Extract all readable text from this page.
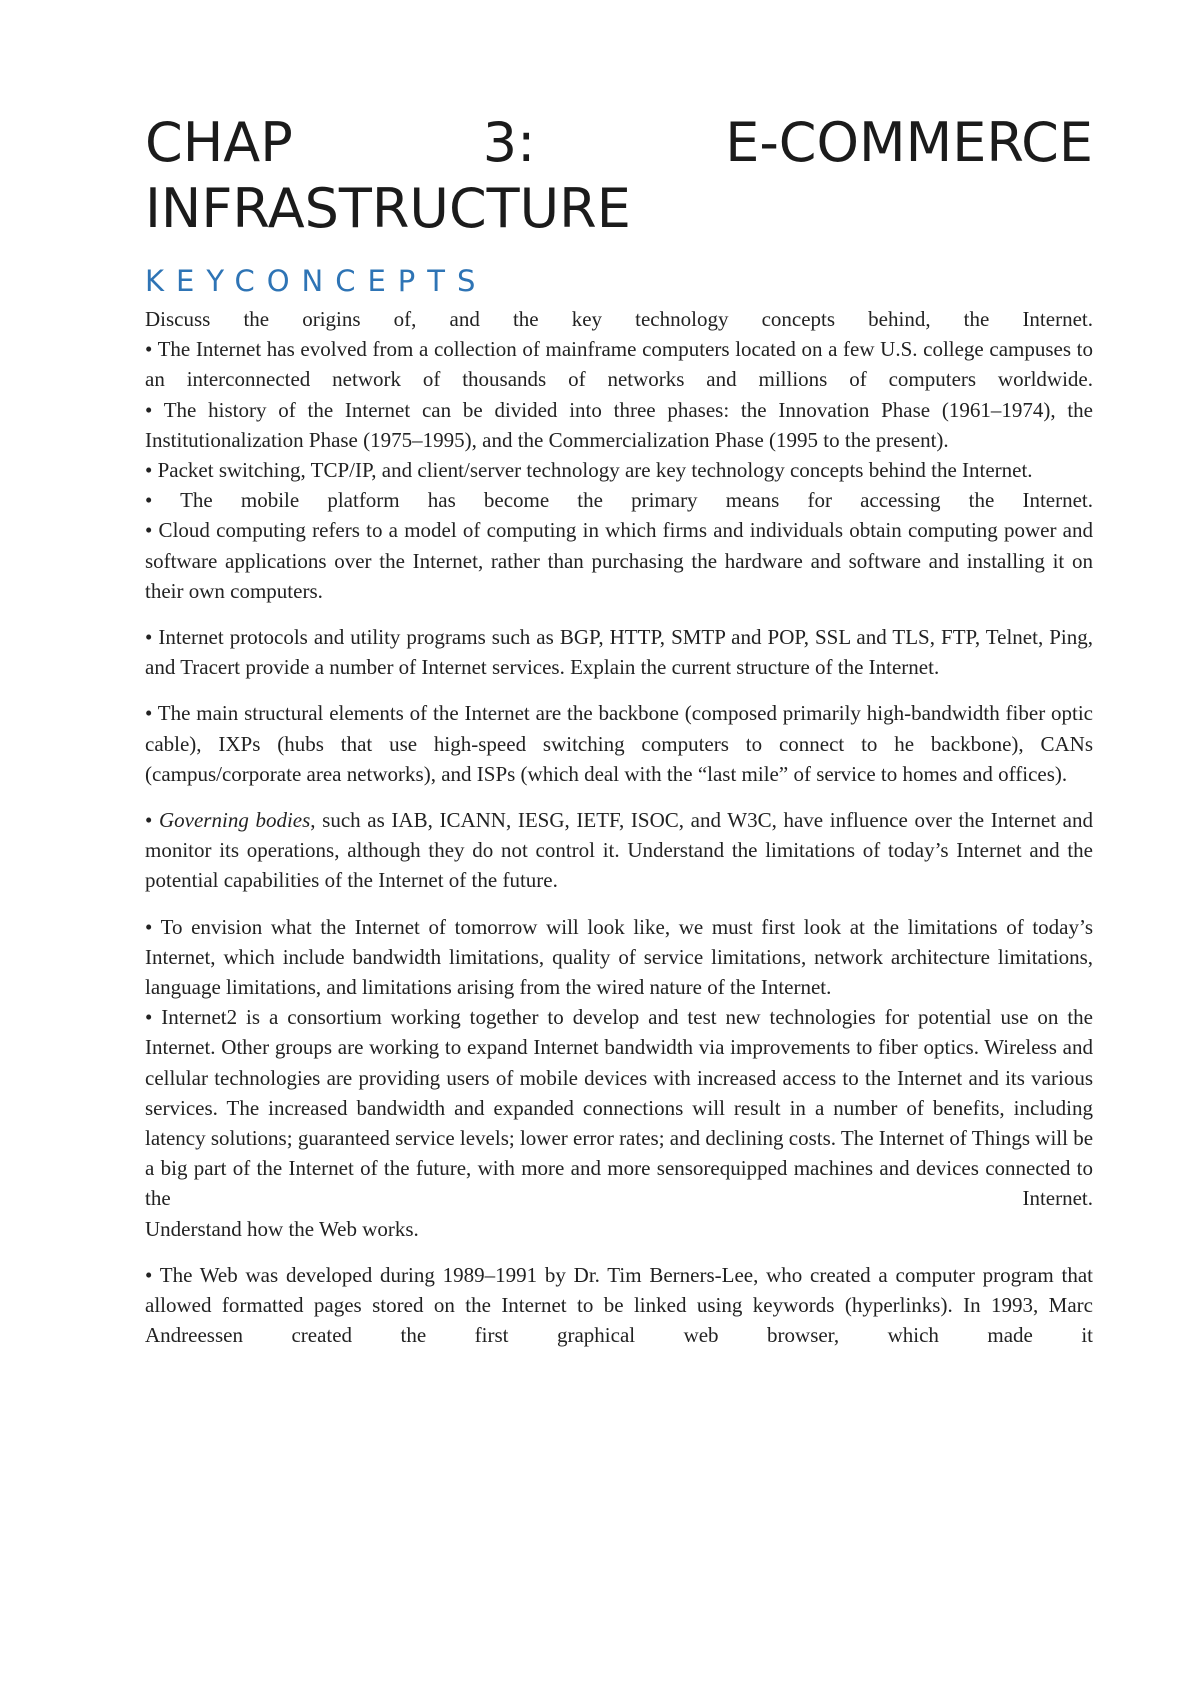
CHAP	3:	E-COMMERCE
INFRASTRUCTURE
KEYCONCEPTS

Discuss the origins of, and the key technology concepts behind, the Internet.

• The Internet has evolved from a collection of mainframe computers located on a few U.S. college campuses to an interconnected network of thousands of networks and millions of computers worldwide.

• The history of the Internet can be divided into three phases: the Innovation Phase (1961–1974), the Institutionalization Phase (1975–1995), and the Commercialization Phase (1995 to the present).

• Packet switching, TCP/IP, and client/server technology are key technology concepts behind the Internet.

• The mobile platform has become the primary means for accessing the Internet.

• Cloud computing refers to a model of computing in which firms and individuals obtain computing power and software applications over the Internet, rather than purchasing the hardware and software and installing it on their own computers.

• Internet protocols and utility programs such as BGP, HTTP, SMTP and POP, SSL and TLS, FTP, Telnet, Ping, and Tracert provide a number of Internet services. Explain the current structure of the Internet.

• The main structural elements of the Internet are the backbone (composed primarily high-bandwidth fiber optic cable), IXPs (hubs that use high-speed switching computers to connect to he backbone), CANs (campus/corporate area networks), and ISPs (which deal with the “last mile” of service to homes and offices).

• Governing bodies, such as IAB, ICANN, IESG, IETF, ISOC, and W3C, have influence over the Internet and monitor its operations, although they do not control it. Understand the limitations of today’s Internet and the potential capabilities of the Internet of the future.

• To envision what the Internet of tomorrow will look like, we must first look at the limitations of today’s Internet, which include bandwidth limitations, quality of service limitations, network architecture limitations, language limitations, and limitations arising from the wired nature of the Internet.

• Internet2 is a consortium working together to develop and test new technologies for potential use on the Internet. Other groups are working to expand Internet bandwidth via improvements to fiber optics. Wireless and cellular technologies are providing users of mobile devices with increased access to the Internet and its various services. The increased bandwidth and expanded connections will result in a number of benefits, including latency solutions; guaranteed service levels; lower error rates; and declining costs. The Internet of Things will be a big part of the Internet of the future, with more and more sensorequipped machines and devices connected to the Internet.

Understand how the Web works.

• The Web was developed during 1989–1991 by Dr. Tim Berners-Lee, who created a computer program that allowed formatted pages stored on the Internet to be linked using keywords (hyperlinks). In 1993, Marc Andreessen created the first graphical web browser, which made it
